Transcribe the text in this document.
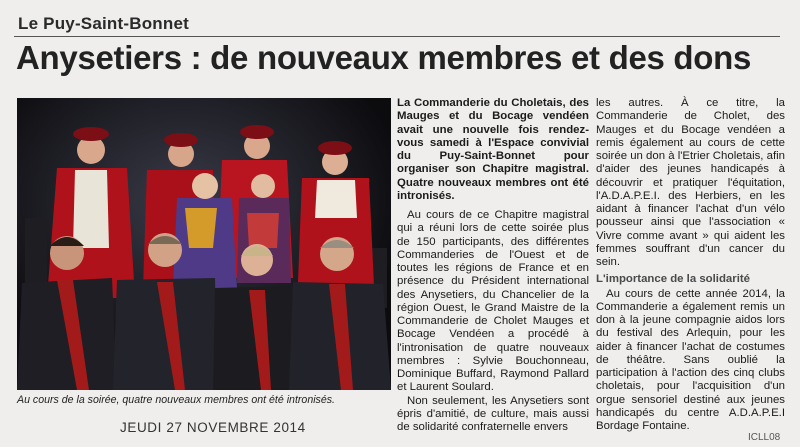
Le Puy-Saint-Bonnet
Anysetiers : de nouveaux membres et des dons
Au cours de la soirée, quatre nouveaux membres ont été intronisés.

La Commanderie du Choletais, des Mauges et du Bocage vendéen avait une nouvelle fois rendez-vous samedi à l'Espace convivial du Puy-Saint-Bonnet pour organiser son Chapitre magistral. Quatre nouveaux membres ont été intronisés.

Au cours de ce Chapitre magistral qui a réuni lors de cette soirée plus de 150 participants, des différentes Commanderies de l'Ouest et de toutes les régions de France et en présence du Président international des Anysetiers, du Chancelier de la région Ouest, le Grand Maistre de la Commanderie de Cholet Mauges et Bocage Vendéen a procédé à l'intronisation de quatre nouveaux membres : Sylvie Bouchonneau, Dominique Buffard, Raymond Pallard et Laurent Soulard.

Non seulement, les Anysetiers sont épris d'amitié, de culture, mais aussi de solidarité confraternelle envers

les autres. À ce titre, la Commanderie de Cholet, des Mauges et du Bocage vendéen a remis également au cours de cette soirée un don à l'Etrier Choletais, afin d'aider des jeunes handicapés à découvrir et pratiquer l'équitation, l'A.D.A.P.E.I. des Herbiers, en les aidant à financer l'achat d'un vélo pousseur ainsi que l'association « Vivre comme avant » qui aident les femmes souffrant d'un cancer du sein.

L'importance de la solidarité

Au cours de cette année 2014, la Commanderie a également remis un don à la jeune compagnie aidos lors du festival des Arlequin, pour les aider à financer l'achat de costumes de théâtre. Sans oublié la participation à l'action des cinq clubs choletais, pour l'acquisition d'un orgue sensoriel destiné aux jeunes handicapés du centre A.D.A.P.E.I Bordage Fontaine.

JEUDI 27 NOVEMBRE 2014
ICLL08
